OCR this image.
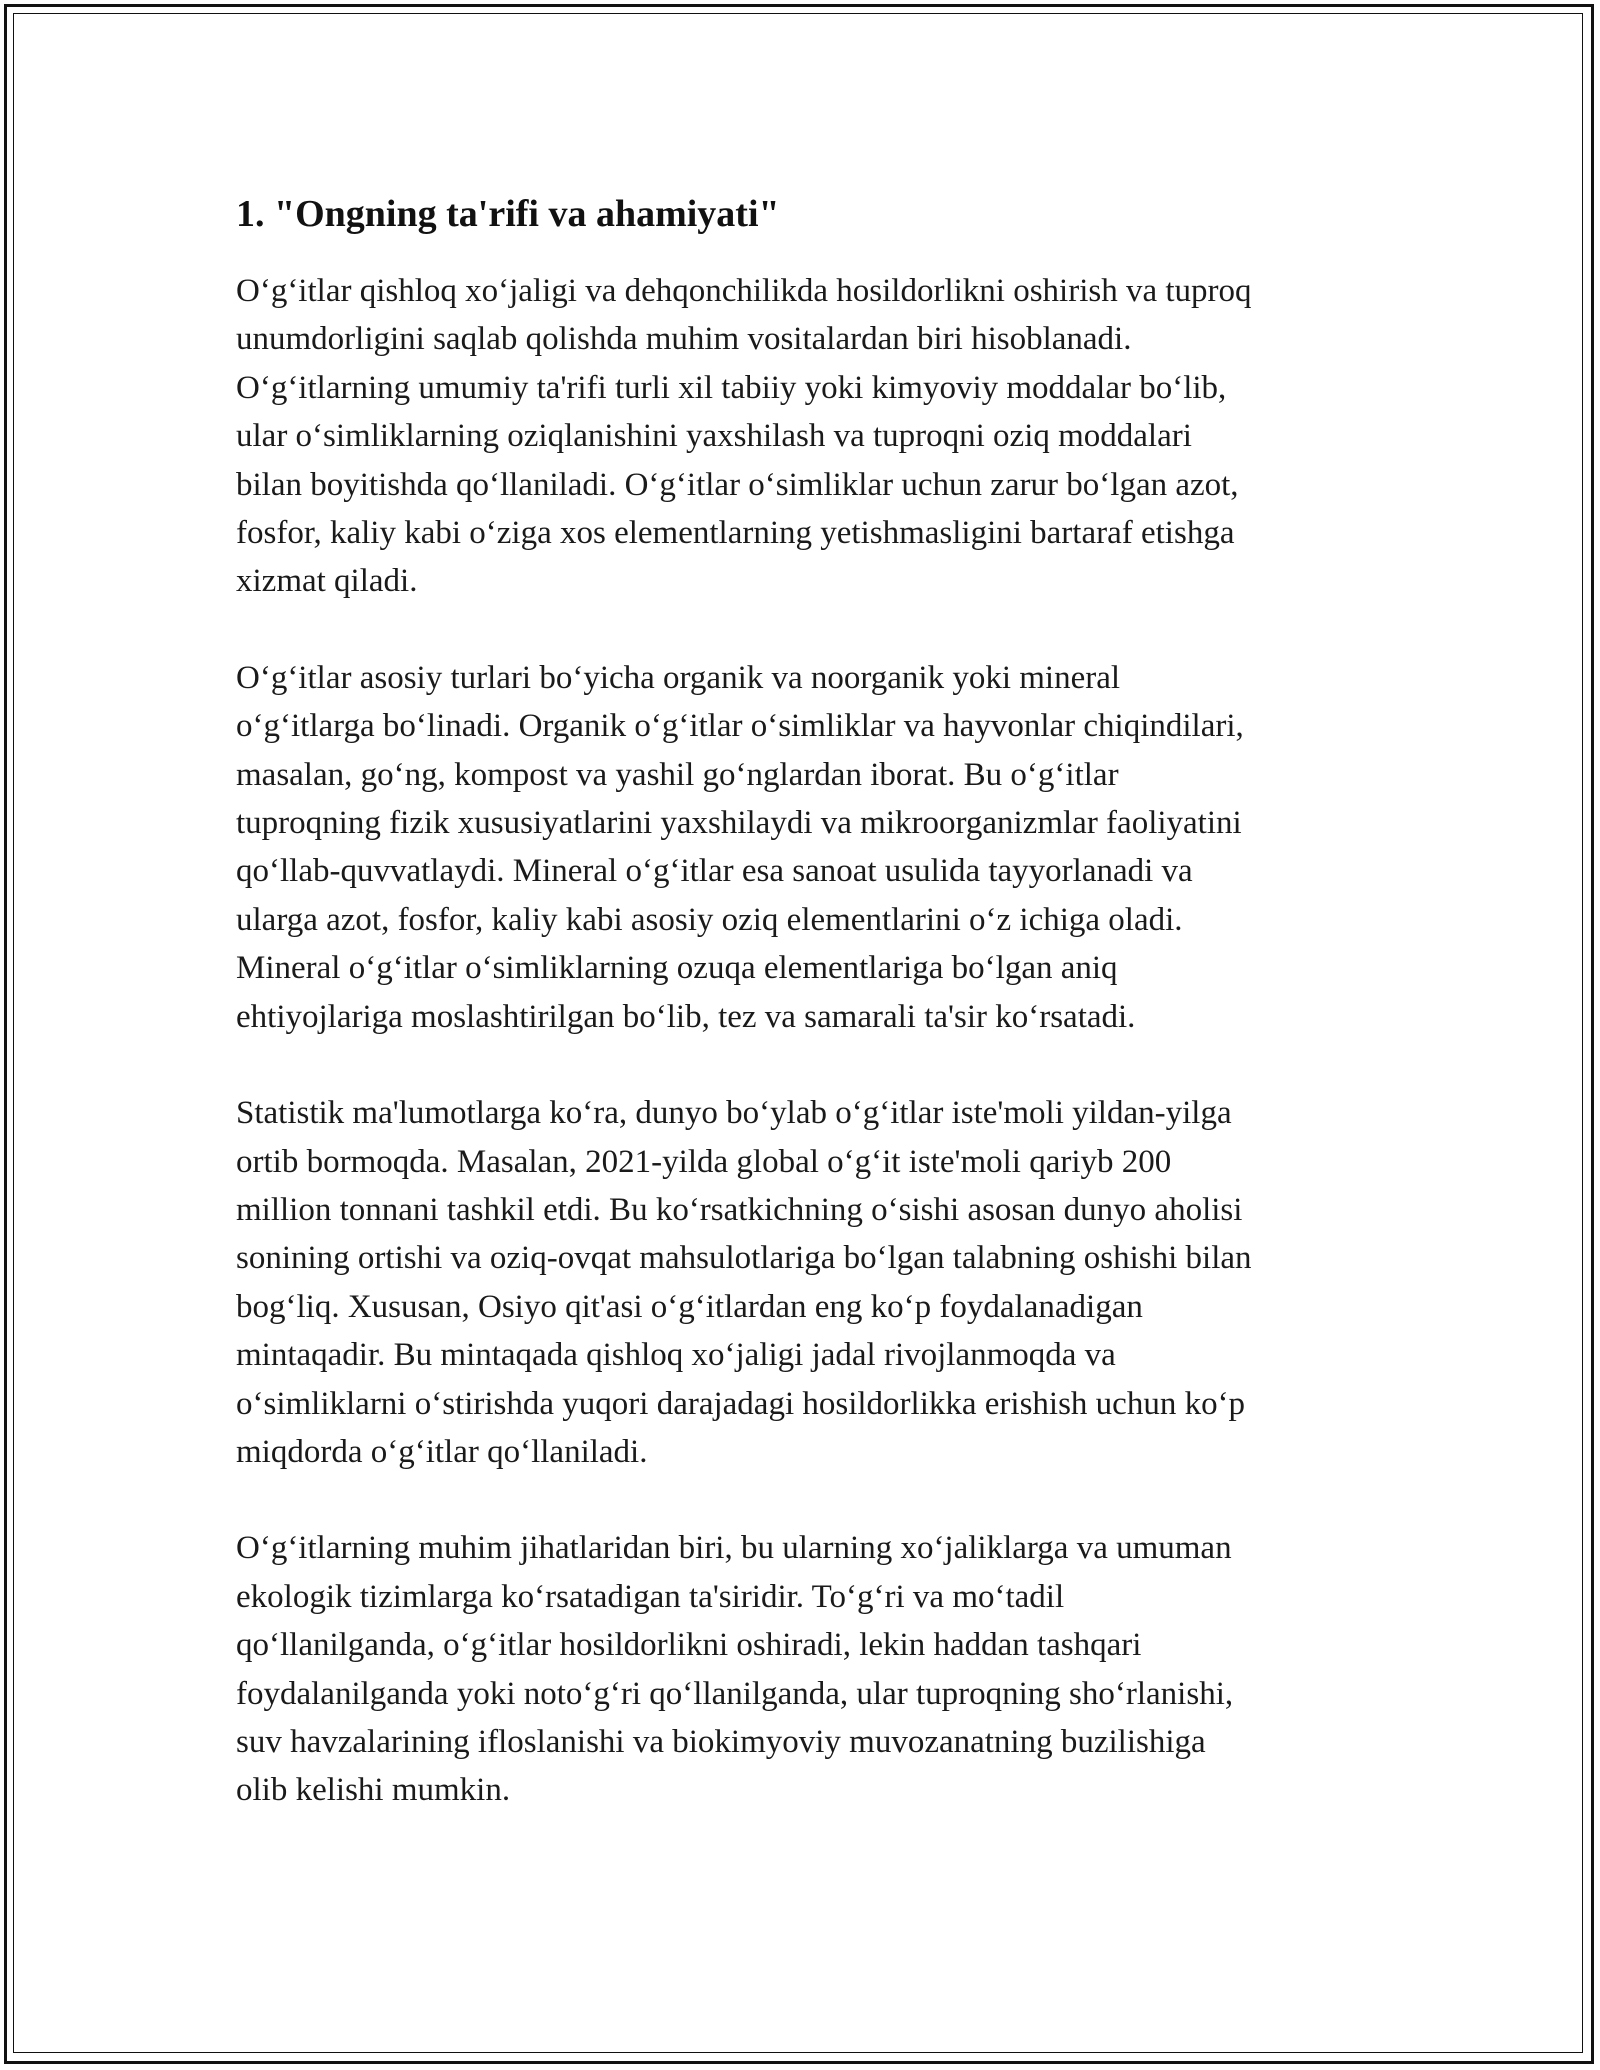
1. "Ongning ta'rifi va ahamiyati"

O‘g‘itlar qishloq xo‘jaligi va dehqonchilikda hosildorlikni oshirish va tuproq
unumdorligini saqlab qolishda muhim vositalardan biri hisoblanadi.
O‘g‘itlarning umumiy ta'rifi turli xil tabiiy yoki kimyoviy moddalar bo‘lib,
ular o‘simliklarning oziqlanishini yaxshilash va tuproqni oziq moddalari
bilan boyitishda qo‘llaniladi. O‘g‘itlar o‘simliklar uchun zarur bo‘lgan azot,
fosfor, kaliy kabi o‘ziga xos elementlarning yetishmasligini bartaraf etishga
xizmat qiladi.

O‘g‘itlar asosiy turlari bo‘yicha organik va noorganik yoki mineral
o‘g‘itlarga bo‘linadi. Organik o‘g‘itlar o‘simliklar va hayvonlar chiqindilari,
masalan, go‘ng, kompost va yashil go‘nglardan iborat. Bu o‘g‘itlar
tuproqning fizik xususiyatlarini yaxshilaydi va mikroorganizmlar faoliyatini
qo‘llab-quvvatlaydi. Mineral o‘g‘itlar esa sanoat usulida tayyorlanadi va
ularga azot, fosfor, kaliy kabi asosiy oziq elementlarini o‘z ichiga oladi.
Mineral o‘g‘itlar o‘simliklarning ozuqa elementlariga bo‘lgan aniq
ehtiyojlariga moslashtirilgan bo‘lib, tez va samarali ta'sir ko‘rsatadi.

Statistik ma'lumotlarga ko‘ra, dunyo bo‘ylab o‘g‘itlar iste'moli yildan-yilga
ortib bormoqda. Masalan, 2021-yilda global o‘g‘it iste'moli qariyb 200
million tonnani tashkil etdi. Bu ko‘rsatkichning o‘sishi asosan dunyo aholisi
sonining ortishi va oziq-ovqat mahsulotlariga bo‘lgan talabning oshishi bilan
bog‘liq. Xususan, Osiyo qit'asi o‘g‘itlardan eng ko‘p foydalanadigan
mintaqadir. Bu mintaqada qishloq xo‘jaligi jadal rivojlanmoqda va
o‘simliklarni o‘stirishda yuqori darajadagi hosildorlikka erishish uchun ko‘p
miqdorda o‘g‘itlar qo‘llaniladi.

O‘g‘itlarning muhim jihatlaridan biri, bu ularning xo‘jaliklarga va umuman
ekologik tizimlarga ko‘rsatadigan ta'siridir. To‘g‘ri va mo‘tadil
qo‘llanilganda, o‘g‘itlar hosildorlikni oshiradi, lekin haddan tashqari
foydalanilganda yoki noto‘g‘ri qo‘llanilganda, ular tuproqning sho‘rlanishi,
suv havzalarining ifloslanishi va biokimyoviy muvozanatning buzilishiga
olib kelishi mumkin.
